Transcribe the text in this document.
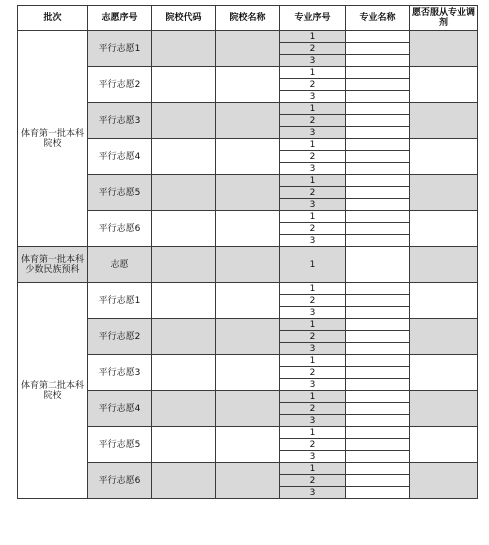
批次	志愿序号	院校代码	院校名称	专业序号	专业名称	愿否服从专业调剂
体育第一批本科院校	平行志愿1			1		
				2		
				3		
	平行志愿2			1		
				2		
				3		
	平行志愿3			1		
				2		
				3		
	平行志愿4			1		
				2		
				3		
	平行志愿5			1		
				2		
				3		
	平行志愿6			1		
				2		
				3		
体育第一批本科少数民族预科	志愿			1		
体育第二批本科院校	平行志愿1			1		
				2		
				3		
	平行志愿2			1		
				2		
				3		
	平行志愿3			1		
				2		
				3		
	平行志愿4			1		
				2		
				3		
	平行志愿5			1		
				2		
				3		
	平行志愿6			1		
				2		
				3		
